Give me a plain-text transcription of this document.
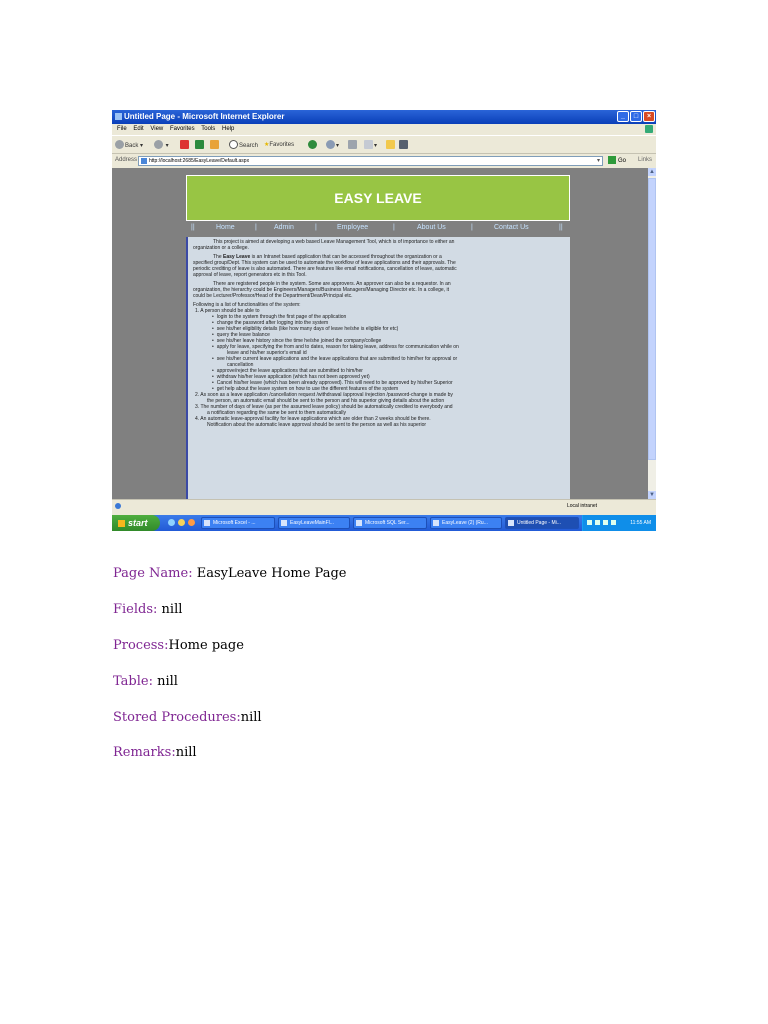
Untitled Page - Microsoft Internet Explorer	_	□	×
File Edit View Favorites Tools Help
Back ▾	▾	Search ★Favorites	▾	▾
Address	http://localhost:2685/EasyLeave/Default.aspx	▾	Go Links
EASY LEAVE
||	Home	| Admin	|	Employee	|	About Us	|	Contact Us	||

This project is aimed at developing a web based Leave Management Tool, which is of importance to either an
organization or a college.

The Easy Leave is an Intranet based application that can be accessed throughout the organization or a
specified group/Dept. This system can be used to automate the workflow of leave applications and their approvals. The
periodic crediting of leave is also automated. There are features like email notifications, cancellation of leave, automatic
approval of leave, report generators etc in this Tool.

There are registered people in the system. Some are approvers. An approver can also be a requestor. In an
organization, the hierarchy could be Engineers/Managers/Business Managers/Managing Director etc. In a college, it
could be Lecturer/Professor/Head of the Department/Dean/Principal etc.

Following is a list of functionalities of the system:
1. A person should be able to
• login to the system through the first page of the application
• change the password after logging into the system
• see his/her eligibility details (like how many days of leave he/she is eligible for etc)
• query the leave balance
• see his/her leave history since the time he/she joined the company/college
• apply for leave, specifying the from and to dates, reason for taking leave, address for communication while on
leave and his/her superior's email id
• see his/her current leave applications and the leave applications that are submitted to him/her for approval or
cancellation
• approve/reject the leave applications that are submitted to him/her
• withdraw his/her leave application (which has not been approved yet)
• Cancel his/her leave (which has been already approved). This will need to be approved by his/her Superior
• get help about the leave system on how to use the different features of the system
2. As soon as a leave application /cancellation request /withdrawal /approval /rejection /password-change is made by
the person, an automatic email should be sent to the person and his superior giving details about the action
3. The number of days of leave (as per the assumed leave policy) should be automatically credited to everybody and
a notification regarding the same be sent to them automatically
4. An automatic leave-approval facility for leave applications which are older than 2 weeks should be there.
Notification about the automatic leave approval should be sent to the person as well as his superior
▲
▼
Local intranet
start	Microsoft Excel - ...	EasyLeaveMainFl...	Microsoft SQL Ser...	EasyLeave (2) (Ru...	Untitled Page - Mi...	11:55 AM
Page Name: EasyLeave Home Page
Fields: nill
Process:Home page
Table: nill
Stored Procedures:nill
Remarks:nill
